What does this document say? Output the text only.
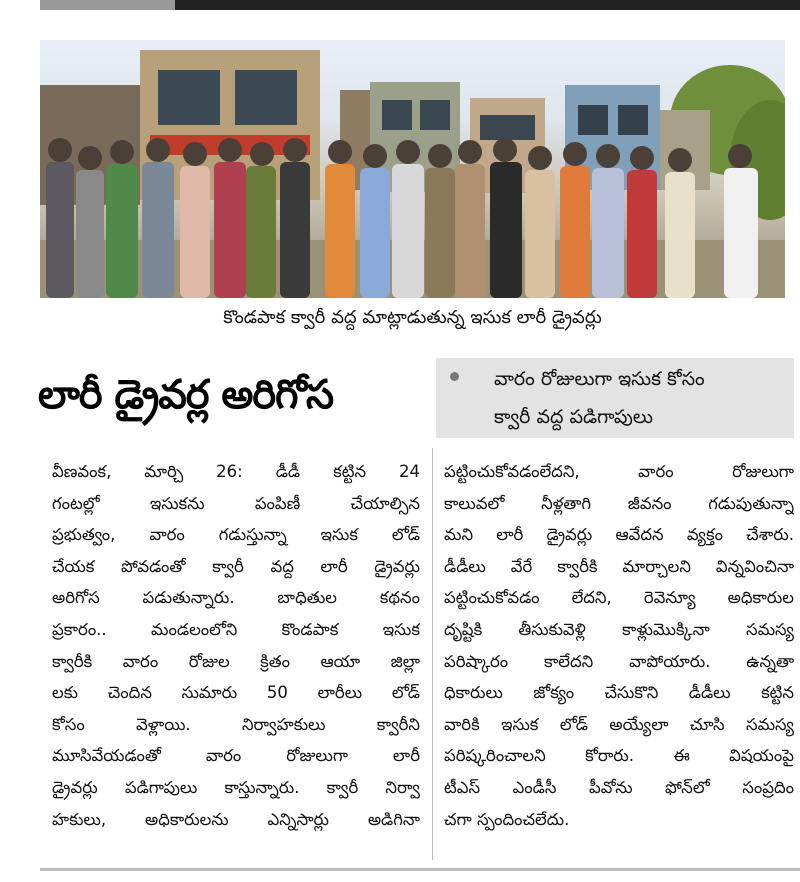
కొండపాక క్వారీ వద్ద మాట్లాడుతున్న ఇసుక లారీ డ్రైవర్లు
లారీ డ్రైవర్ల అరిగోస	వారం రోజులుగా ఇసుక కోసం
క్వారీ వద్ద పడిగాపులు
వీణవంక, మార్చి 26: డీడీ కట్టిన 24
గంటల్లో ఇసుకను పంపిణీ చేయాల్సిన
ప్రభుత్వం, వారం గడుస్తున్నా ఇసుక లోడ్
చేయక పోవడంతో క్వారీ వద్ద లారీ డ్రైవర్లు
అరిగోస పడుతున్నారు. బాధితుల కథనం
ప్రకారం.. మండలంలోని కొండపాక ఇసుక
క్వారీకి వారం రోజుల క్రితం ఆయా జిల్లా
లకు చెందిన సుమారు 50 లారీలు లోడ్
కోసం వెళ్లాయి. నిర్వాహకులు క్వారీని
మూసివేయడంతో వారం రోజులుగా లారీ
డ్రైవర్లు పడిగాపులు కాస్తున్నారు. క్వారీ నిర్వా
హకులు, అధికారులను ఎన్నిసార్లు అడిగినా
పట్టించుకోవడంలేదని, వారం రోజులుగా
కాలువలో నీళ్లతాగి జీవనం గడుపుతున్నా
మని లారీ డ్రైవర్లు ఆవేదన వ్యక్తం చేశారు.
డీడీలు వేరే క్వారీకి మార్చాలని విన్నవించినా
పట్టించుకోవడం లేదని, రెవెన్యూ అధికారుల
దృష్టికి తీసుకువెళ్లి కాళ్లుమొక్కినా సమస్య
పరిష్కారం కాలేదని వాపోయారు. ఉన్నతా
ధికారులు జోక్యం చేసుకొని డీడీలు కట్టిన
వారికి ఇసుక లోడ్ అయ్యేలా చూసి సమస్య
పరిష్కరించాలని కోరారు. ఈ విషయంపై
టీఎస్ ఎండీసీ పీవోను ఫోన్‌లో సంప్రదిం
చగా స్పందించలేదు.
